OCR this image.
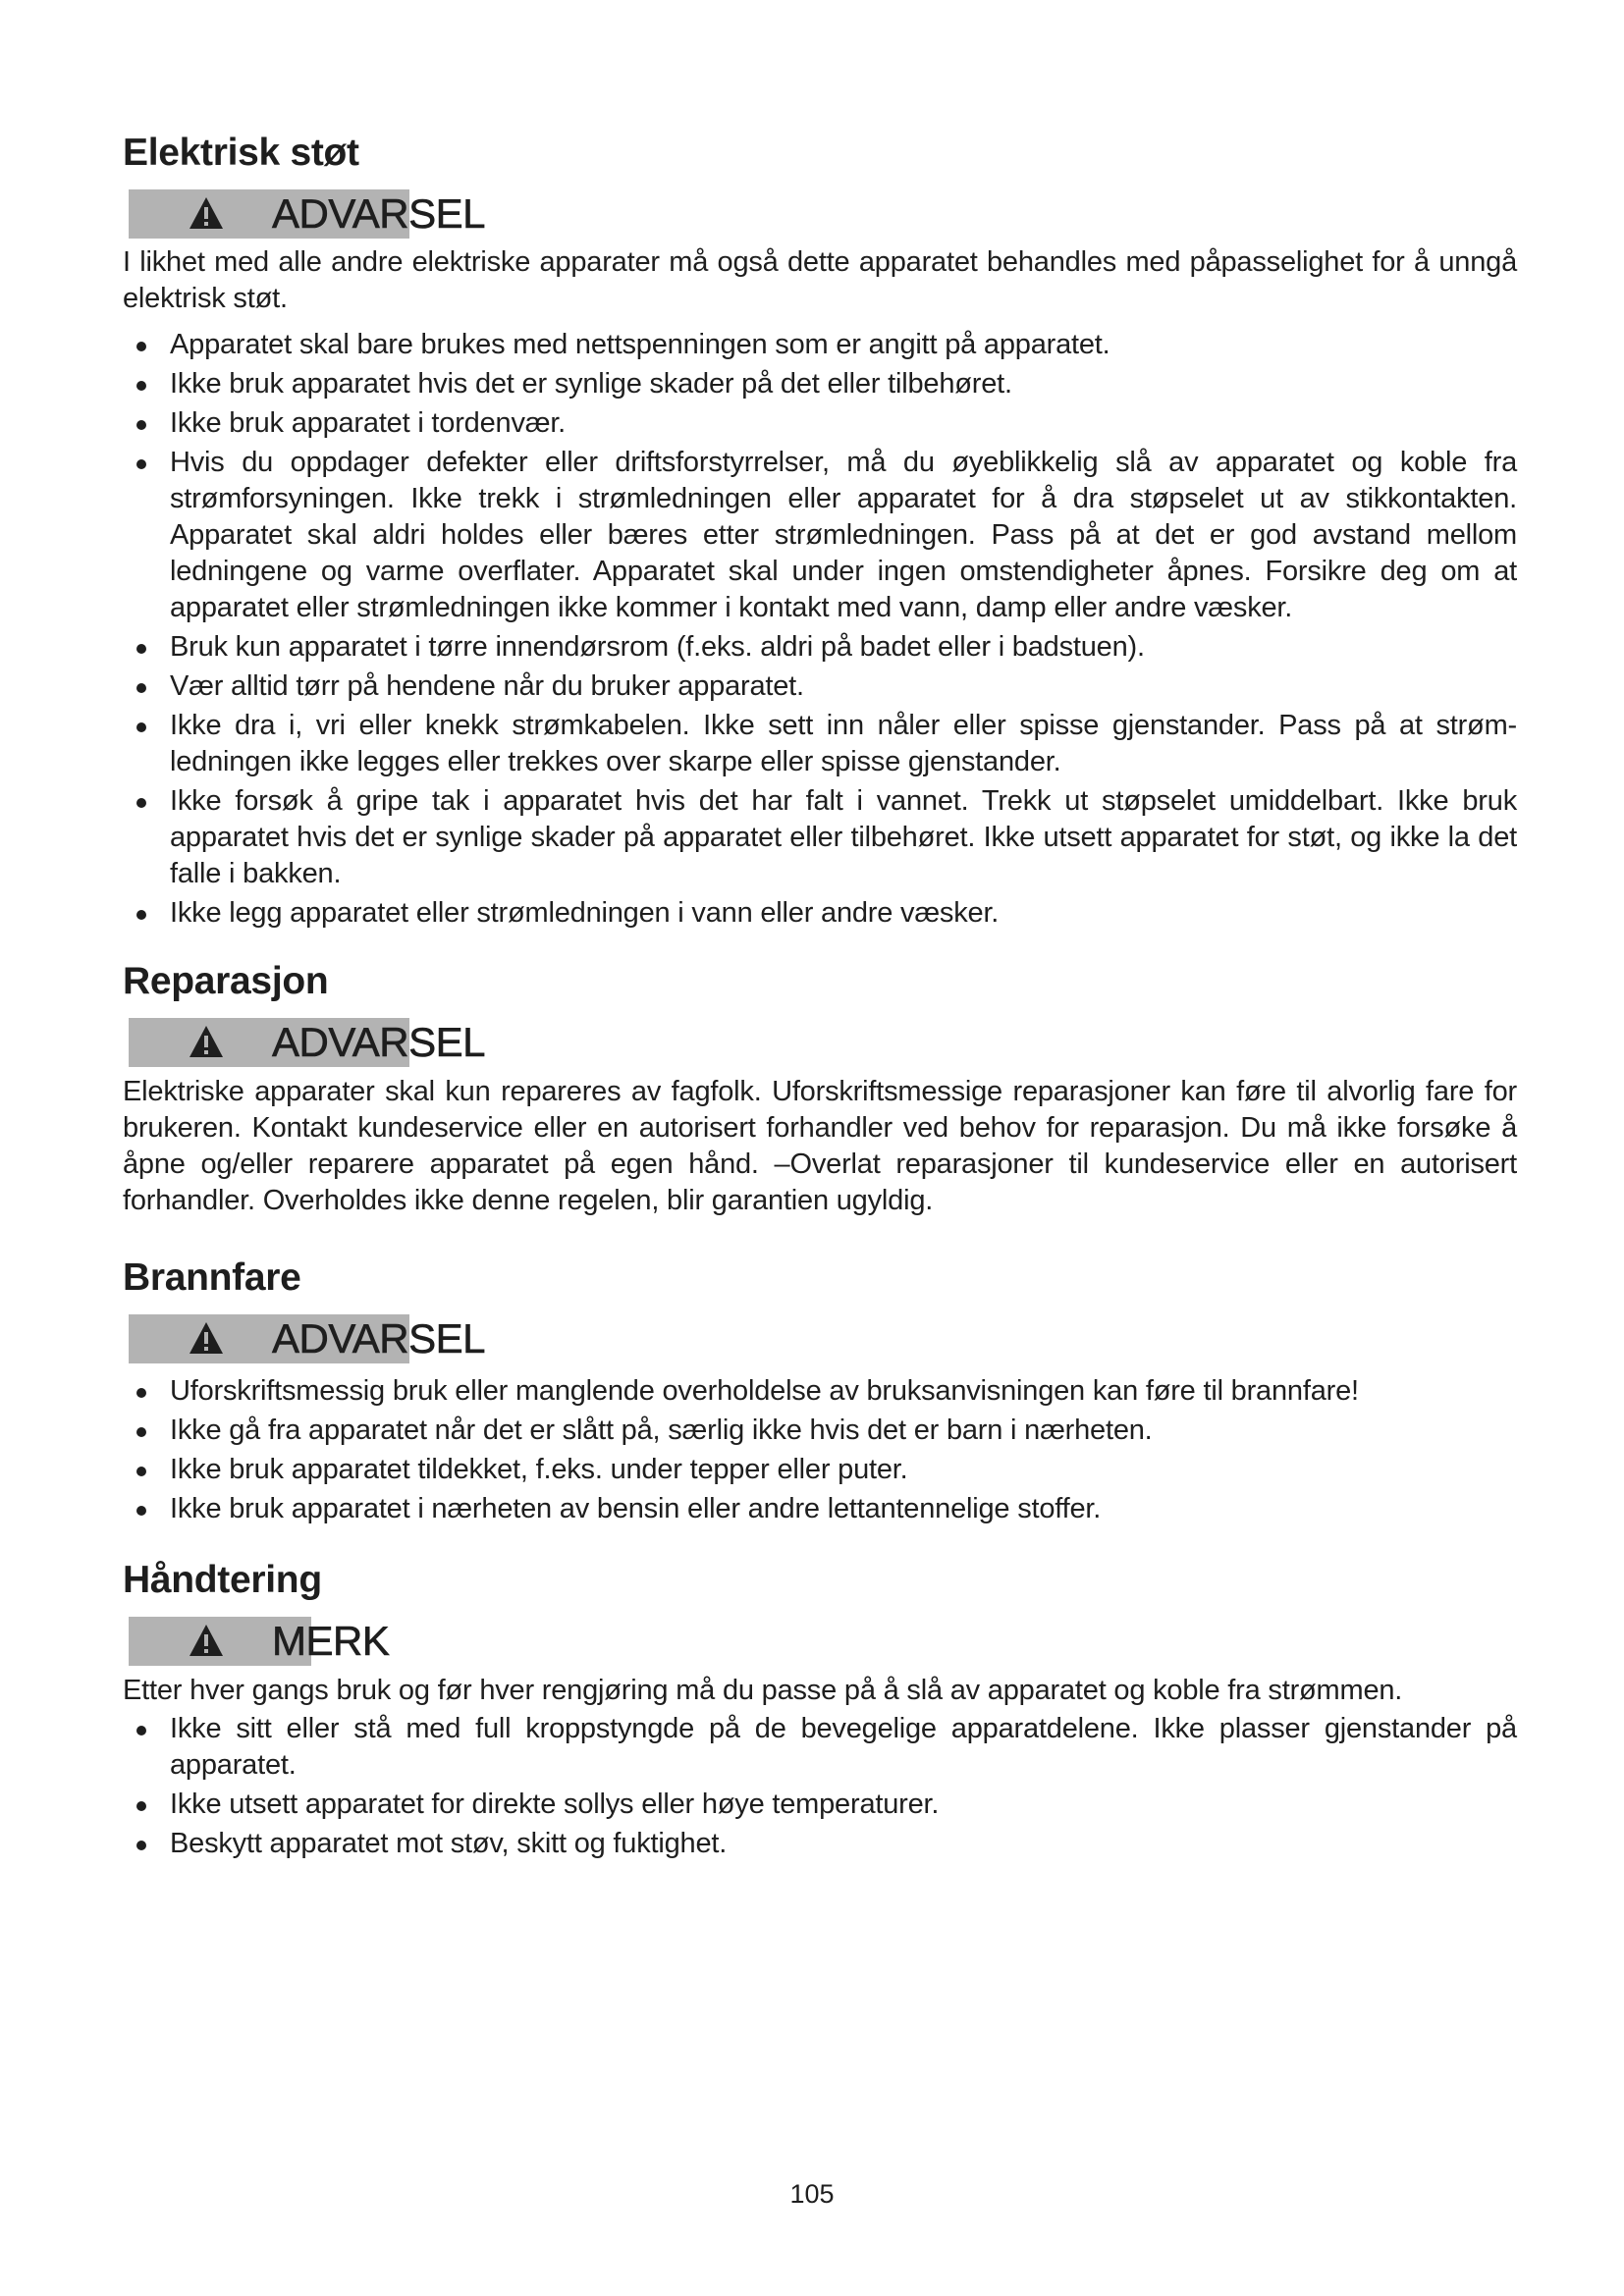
Elektrisk støt
ADVARSEL
I likhet med alle andre elektriske apparater må også dette apparatet behandles med påpasselighet for å unngå elektrisk støt.
Apparatet skal bare brukes med nettspenningen som er angitt på apparatet.
Ikke bruk apparatet hvis det er synlige skader på det eller tilbehøret.
Ikke bruk apparatet i tordenvær.
Hvis du oppdager defekter eller driftsforstyrrelser, må du øyeblikkelig slå av apparatet og koble fra strømforsyningen. Ikke trekk i strømledningen eller apparatet for å dra støpselet ut av stikkontakten. Apparatet skal aldri holdes eller bæres etter strømledningen. Pass på at det er god avstand mellom ledningene og varme overflater. Apparatet skal under ingen omstendigheter åpnes. Forsikre deg om at apparatet eller strømledningen ikke kommer i kontakt med vann, damp eller andre væsker.
Bruk kun apparatet i tørre innendørsrom (f.eks. aldri på badet eller i badstuen).
Vær alltid tørr på hendene når du bruker apparatet.
Ikke dra i, vri eller knekk strømkabelen. Ikke sett inn nåler eller spisse gjenstander. Pass på at strøm-ledningen ikke legges eller trekkes over skarpe eller spisse gjenstander.
Ikke forsøk å gripe tak i apparatet hvis det har falt i vannet. Trekk ut støpselet umiddelbart. Ikke bruk apparatet hvis det er synlige skader på apparatet eller tilbehøret. Ikke utsett apparatet for støt, og ikke la det falle i bakken.
Ikke legg apparatet eller strømledningen i vann eller andre væsker.
Reparasjon
ADVARSEL
Elektriske apparater skal kun repareres av fagfolk. Uforskriftsmessige reparasjoner kan føre til alvorlig fare for brukeren. Kontakt kundeservice eller en autorisert forhandler ved behov for reparasjon. Du må ikke forsøke å åpne og/eller reparere apparatet på egen hånd. –Overlat reparasjoner til kundeservice eller en autorisert forhandler. Overholdes ikke denne regelen, blir garantien ugyldig.
Brannfare
ADVARSEL
Uforskriftsmessig bruk eller manglende overholdelse av bruksanvisningen kan føre til brannfare!
Ikke gå fra apparatet når det er slått på, særlig ikke hvis det er barn i nærheten.
Ikke bruk apparatet tildekket, f.eks. under tepper eller puter.
Ikke bruk apparatet i nærheten av bensin eller andre lettantennelige stoffer.
Håndtering
MERK
Etter hver gangs bruk og før hver rengjøring må du passe på å slå av apparatet og koble fra strømmen.
Ikke sitt eller stå med full kroppstyngde på de bevegelige apparatdelene. Ikke plasser gjenstander på apparatet.
Ikke utsett apparatet for direkte sollys eller høye temperaturer.
Beskytt apparatet mot støv, skitt og fuktighet.
105
